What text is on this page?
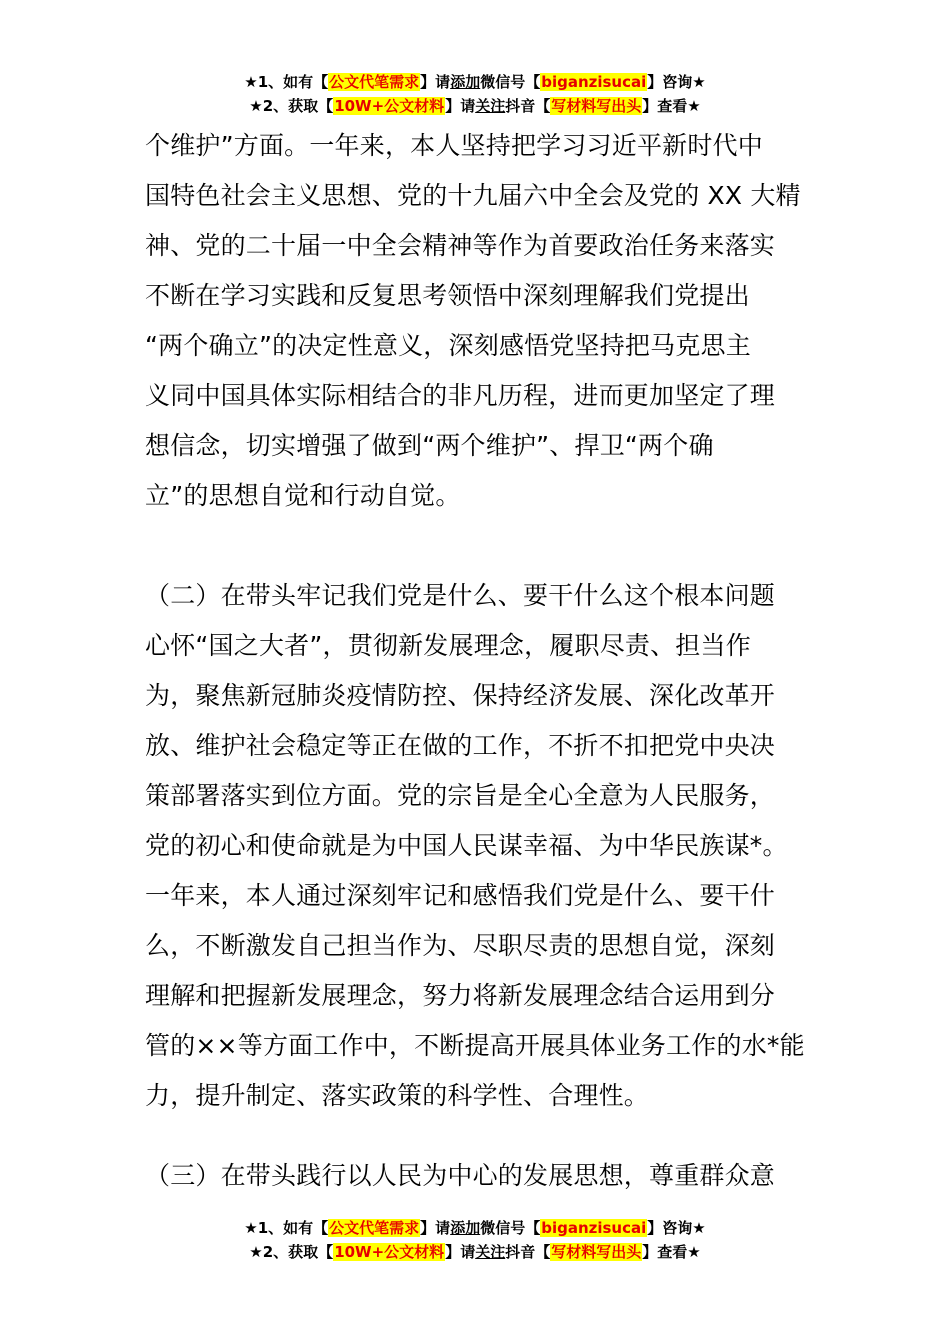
★1、如有【公文代笔需求】请添加微信号【biganzisucai】咨询★
★2、获取【10W+公文材料】请关注抖音【写材料写出头】查看★
个维护”方面。一年来，本人坚持把学习习近平新时代中
国特色社会主义思想、党的十九届六中全会及党的 XX 大精
神、党的二十届一中全会精神等作为首要政治任务来落实
不断在学习实践和反复思考领悟中深刻理解我们党提出
“两个确立”的决定性意义，深刻感悟党坚持把马克思主
义同中国具体实际相结合的非凡历程，进而更加坚定了理
想信念，切实增强了做到“两个维护”、捍卫“两个确
立”的思想自觉和行动自觉。
（二）在带头牢记我们党是什么、要干什么这个根本问题
心怀“国之大者”，贯彻新发展理念，履职尽责、担当作
为，聚焦新冠肺炎疫情防控、保持经济发展、深化改革开
放、维护社会稳定等正在做的工作，不折不扣把党中央决
策部署落实到位方面。党的宗旨是全心全意为人民服务，
党的初心和使命就是为中国人民谋幸福、为中华民族谋*。
一年来，本人通过深刻牢记和感悟我们党是什么、要干什
么，不断激发自己担当作为、尽职尽责的思想自觉，深刻
理解和把握新发展理念，努力将新发展理念结合运用到分
管的××等方面工作中，不断提高开展具体业务工作的水*能
力，提升制定、落实政策的科学性、合理性。
（三）在带头践行以人民为中心的发展思想，尊重群众意
★1、如有【公文代笔需求】请添加微信号【biganzisucai】咨询★
★2、获取【10W+公文材料】请关注抖音【写材料写出头】查看★
